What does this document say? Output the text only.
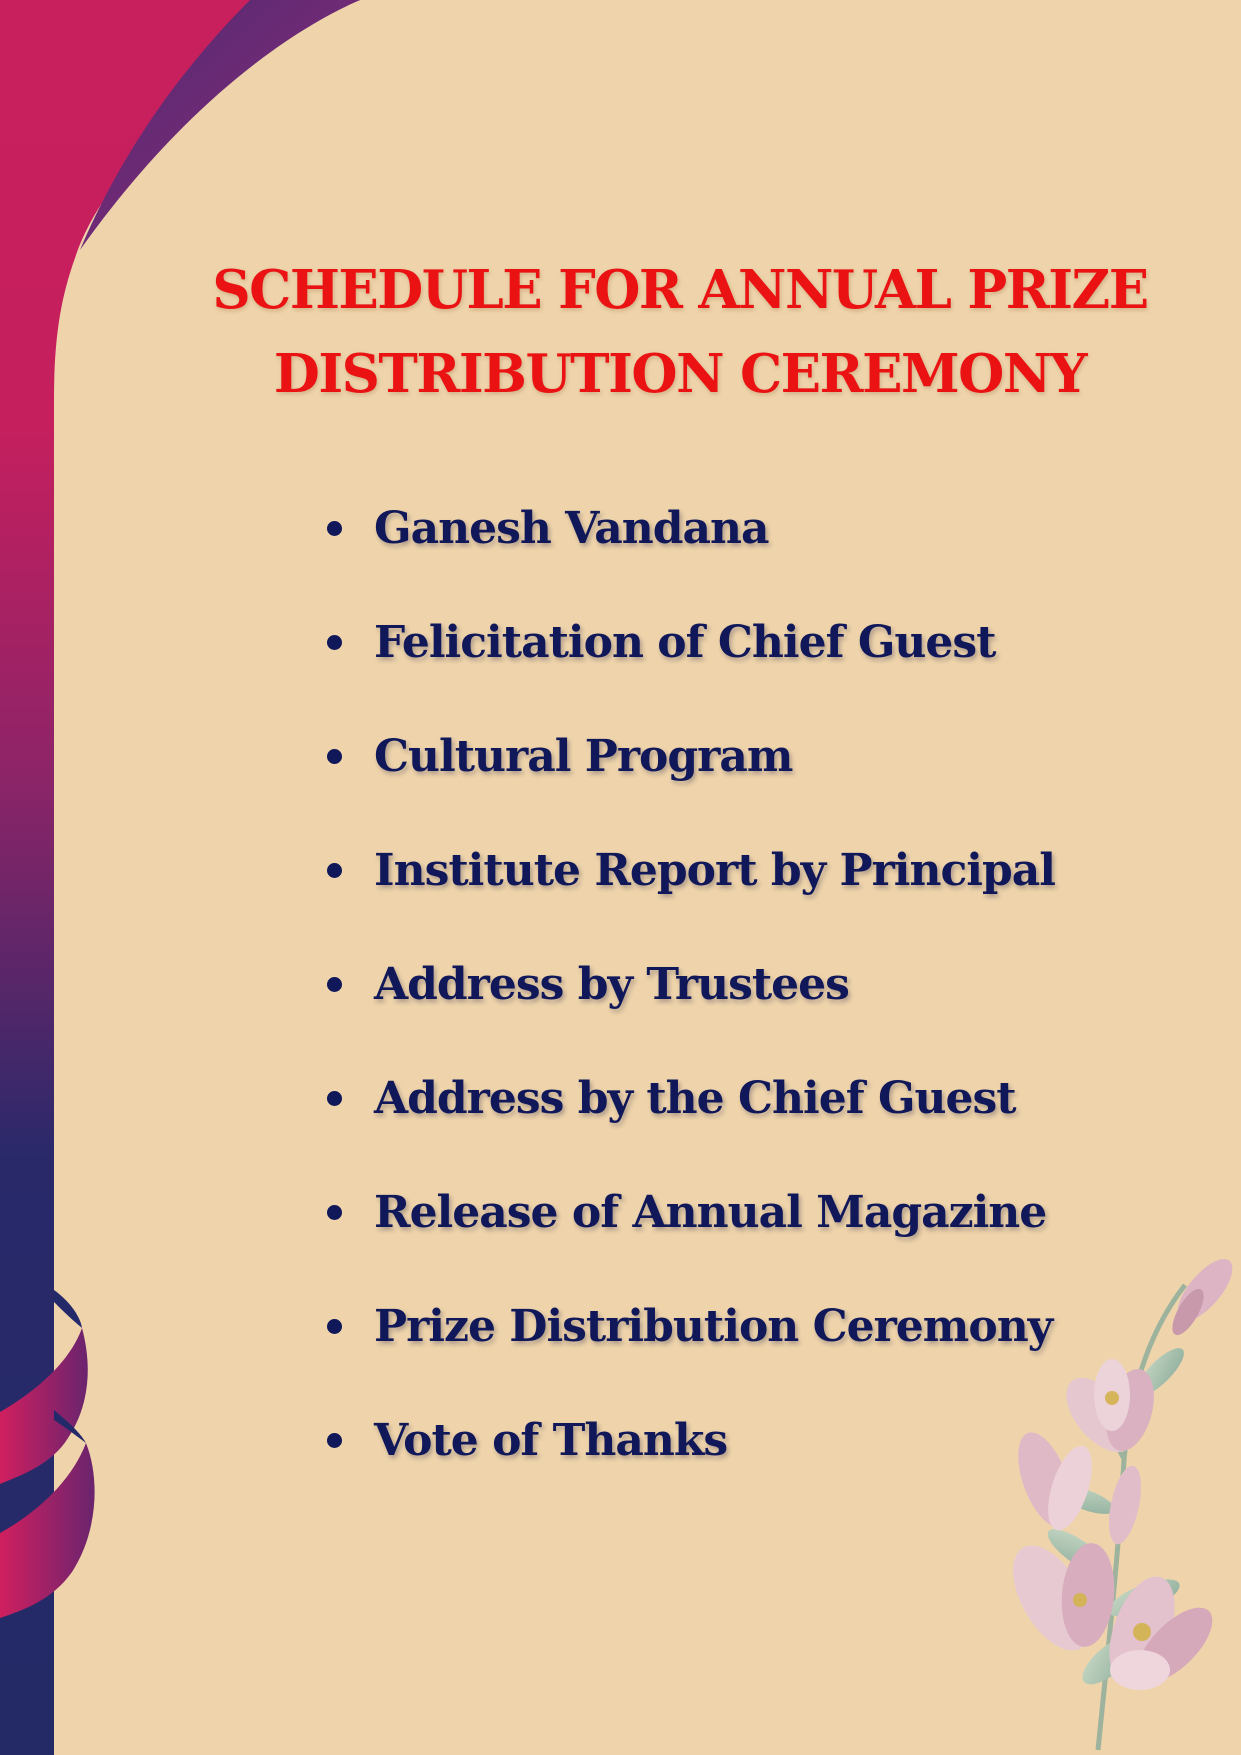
SCHEDULE FOR ANNUAL PRIZE
DISTRIBUTION CEREMONY
Ganesh Vandana
Felicitation of Chief Guest
Cultural Program
Institute Report by Principal
Address by Trustees
Address by the Chief Guest
Release of Annual Magazine
Prize Distribution Ceremony
Vote of Thanks
